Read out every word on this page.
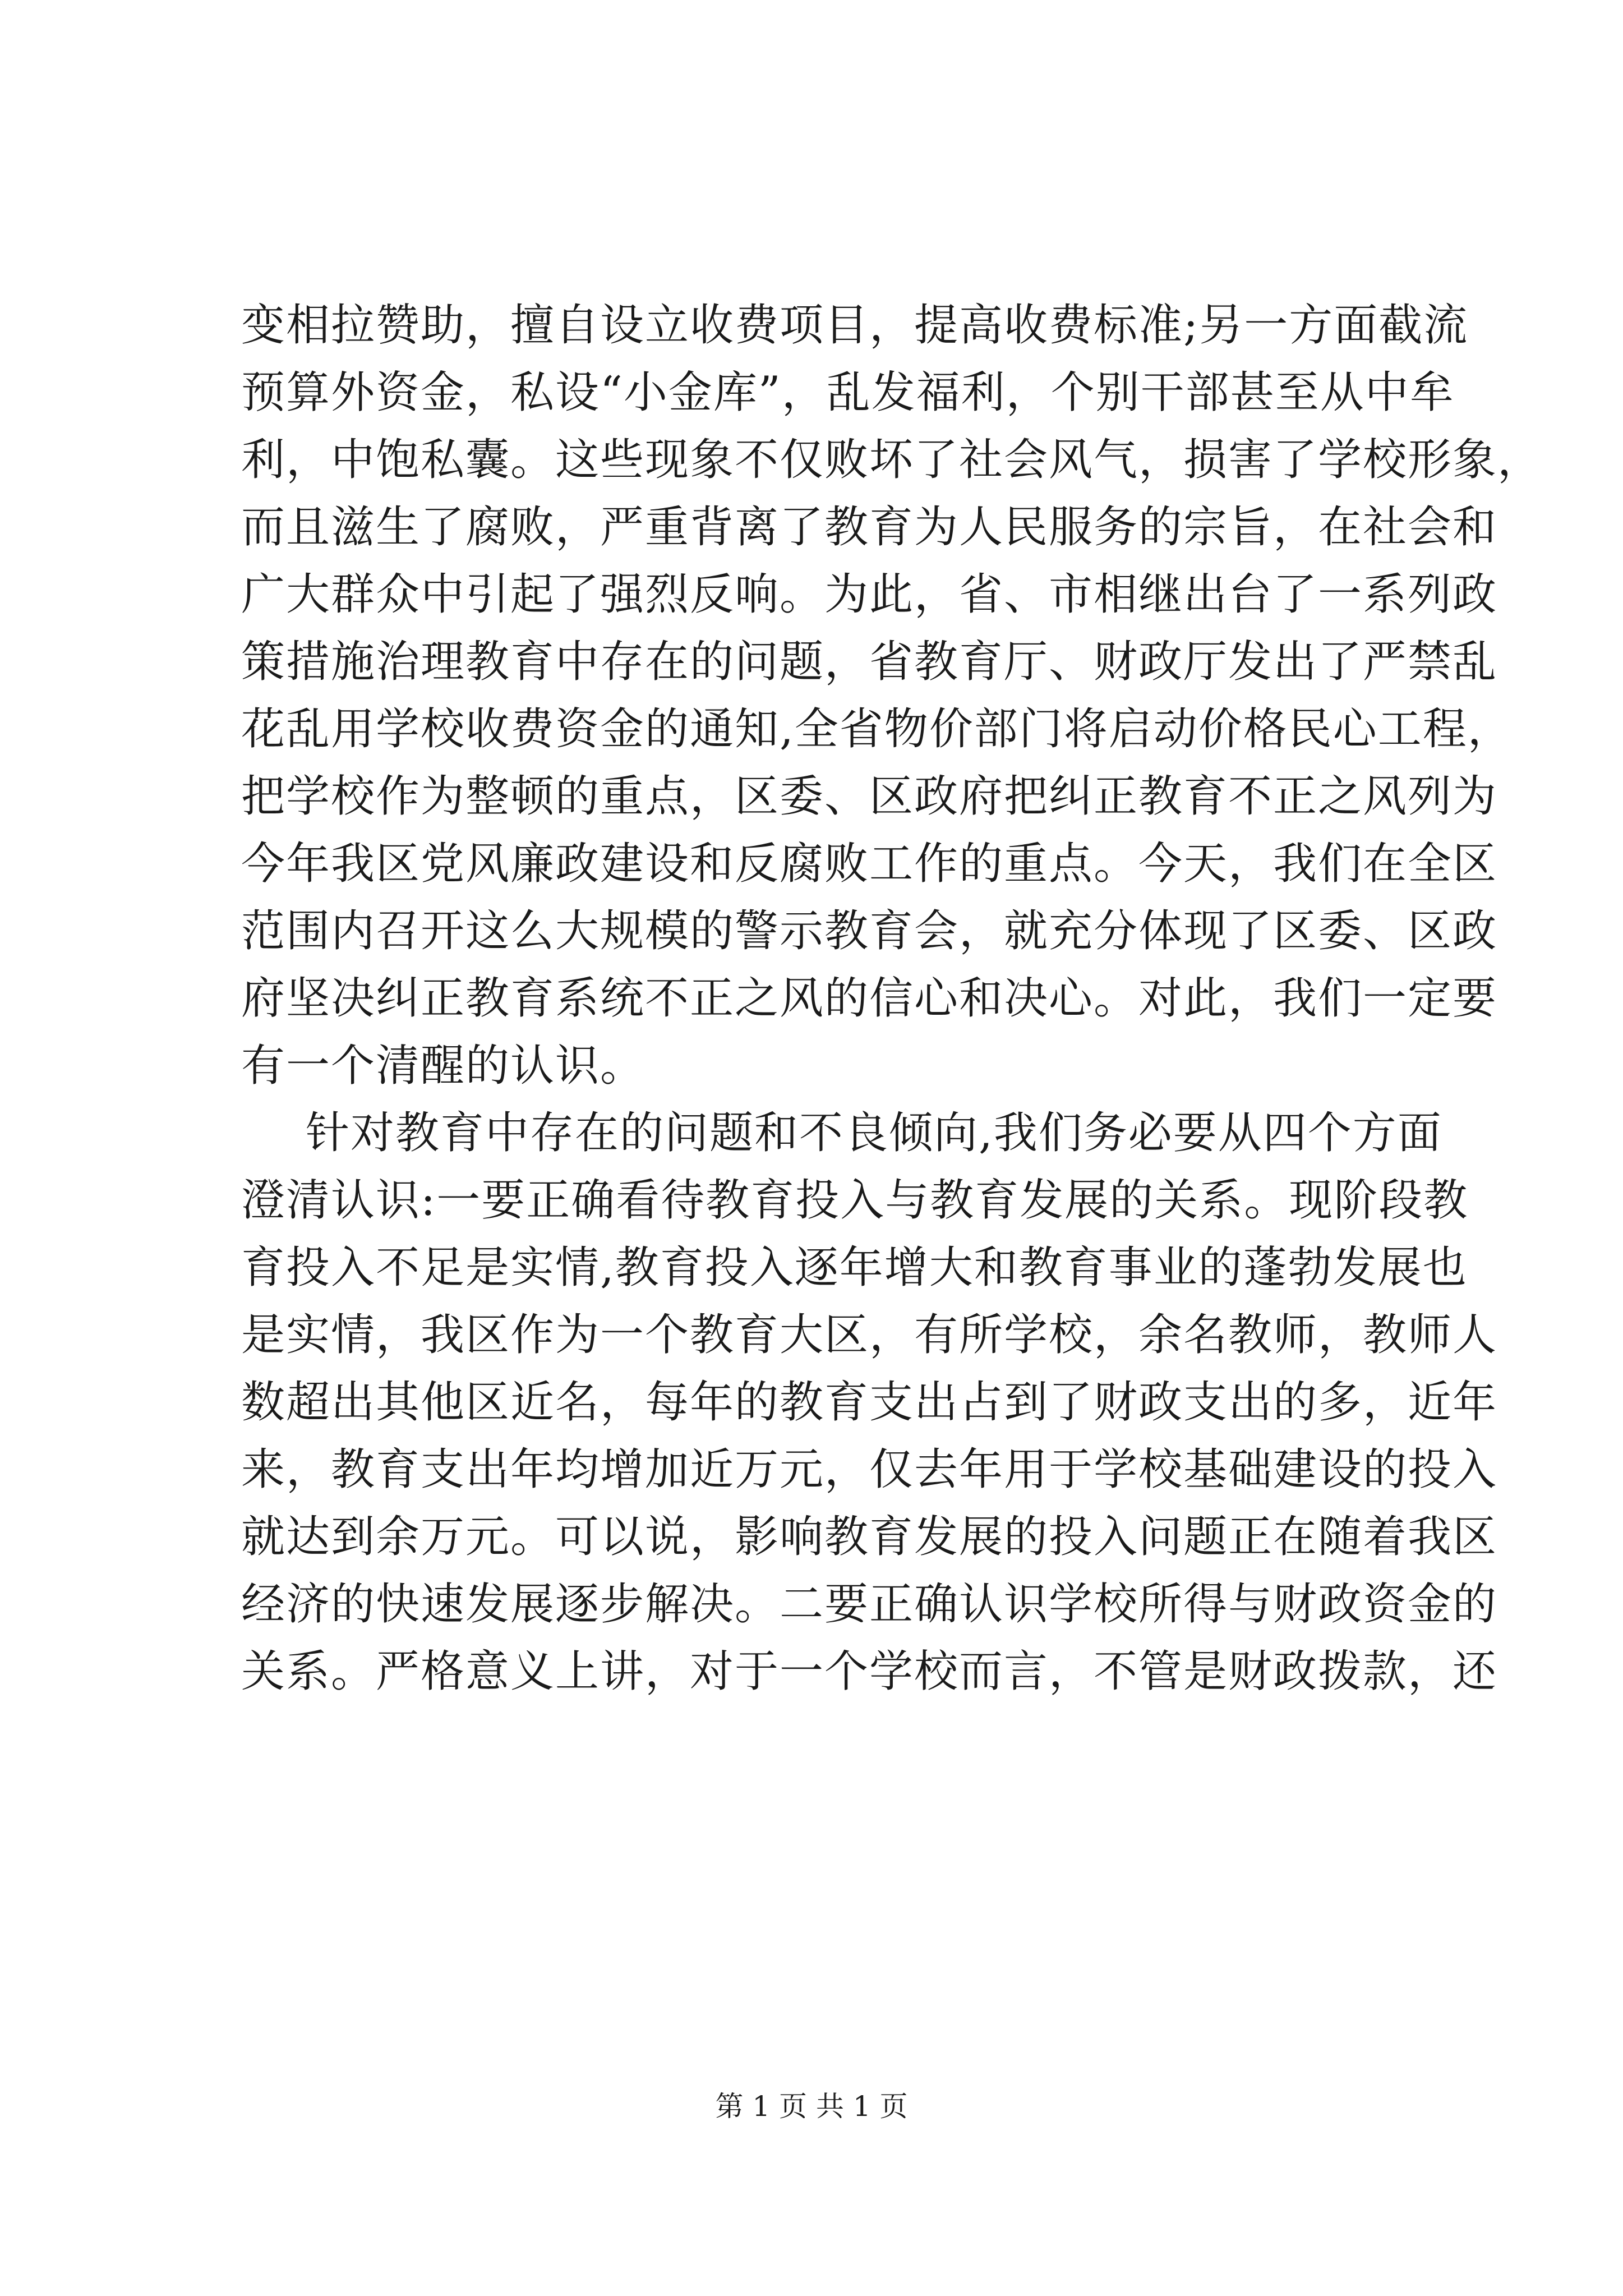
变相拉赞助，擅自设立收费项目，提高收费标准;另一方面截流
预算外资金，私设“小金库”，乱发福利，个别干部甚至从中牟
利，中饱私囊。这些现象不仅败坏了社会风气，损害了学校形象，
而且滋生了腐败，严重背离了教育为人民服务的宗旨，在社会和
广大群众中引起了强烈反响。为此，省、市相继出台了一系列政
策措施治理教育中存在的问题，省教育厅、财政厅发出了严禁乱
花乱用学校收费资金的通知,全省物价部门将启动价格民心工程，
把学校作为整顿的重点，区委、区政府把纠正教育不正之风列为
今年我区党风廉政建设和反腐败工作的重点。今天，我们在全区
范围内召开这么大规模的警示教育会，就充分体现了区委、区政
府坚决纠正教育系统不正之风的信心和决心。对此，我们一定要
有一个清醒的认识。
针对教育中存在的问题和不良倾向,我们务必要从四个方面
澄清认识:一要正确看待教育投入与教育发展的关系。现阶段教
育投入不足是实情,教育投入逐年增大和教育事业的蓬勃发展也
是实情，我区作为一个教育大区，有所学校，余名教师，教师人
数超出其他区近名，每年的教育支出占到了财政支出的多，近年
来，教育支出年均增加近万元，仅去年用于学校基础建设的投入
就达到余万元。可以说，影响教育发展的投入问题正在随着我区
经济的快速发展逐步解决。二要正确认识学校所得与财政资金的
关系。严格意义上讲，对于一个学校而言，不管是财政拨款，还
第 1 页 共 1 页
